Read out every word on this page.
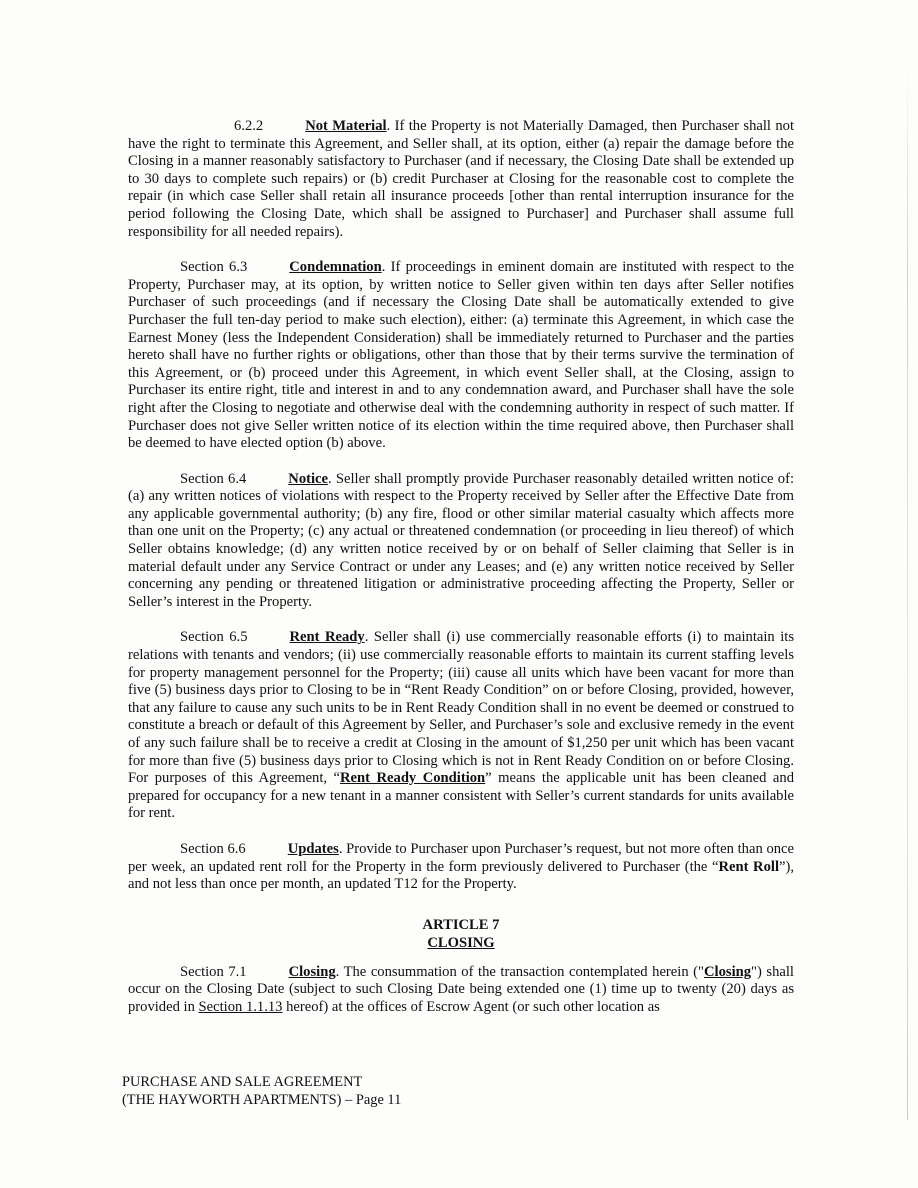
6.2.2	Not Material. If the Property is not Materially Damaged, then Purchaser shall not have the right to terminate this Agreement, and Seller shall, at its option, either (a) repair the damage before the Closing in a manner reasonably satisfactory to Purchaser (and if necessary, the Closing Date shall be extended up to 30 days to complete such repairs) or (b) credit Purchaser at Closing for the reasonable cost to complete the repair (in which case Seller shall retain all insurance proceeds [other than rental interruption insurance for the period following the Closing Date, which shall be assigned to Purchaser] and Purchaser shall assume full responsibility for all needed repairs).

Section 6.3	Condemnation. If proceedings in eminent domain are instituted with respect to the Property, Purchaser may, at its option, by written notice to Seller given within ten days after Seller notifies Purchaser of such proceedings (and if necessary the Closing Date shall be automatically extended to give Purchaser the full ten-day period to make such election), either: (a) terminate this Agreement, in which case the Earnest Money (less the Independent Consideration) shall be immediately returned to Purchaser and the parties hereto shall have no further rights or obligations, other than those that by their terms survive the termination of this Agreement, or (b) proceed under this Agreement, in which event Seller shall, at the Closing, assign to Purchaser its entire right, title and interest in and to any condemnation award, and Purchaser shall have the sole right after the Closing to negotiate and otherwise deal with the condemning authority in respect of such matter. If Purchaser does not give Seller written notice of its election within the time required above, then Purchaser shall be deemed to have elected option (b) above.

Section 6.4	Notice. Seller shall promptly provide Purchaser reasonably detailed written notice of: (a) any written notices of violations with respect to the Property received by Seller after the Effective Date from any applicable governmental authority; (b) any fire, flood or other similar material casualty which affects more than one unit on the Property; (c) any actual or threatened condemnation (or proceeding in lieu thereof) of which Seller obtains knowledge; (d) any written notice received by or on behalf of Seller claiming that Seller is in material default under any Service Contract or under any Leases; and (e) any written notice received by Seller concerning any pending or threatened litigation or administrative proceeding affecting the Property, Seller or Seller’s interest in the Property.

Section 6.5	Rent Ready. Seller shall (i) use commercially reasonable efforts (i) to maintain its relations with tenants and vendors; (ii) use commercially reasonable efforts to maintain its current staffing levels for property management personnel for the Property; (iii) cause all units which have been vacant for more than five (5) business days prior to Closing to be in “Rent Ready Condition” on or before Closing, provided, however, that any failure to cause any such units to be in Rent Ready Condition shall in no event be deemed or construed to constitute a breach or default of this Agreement by Seller, and Purchaser’s sole and exclusive remedy in the event of any such failure shall be to receive a credit at Closing in the amount of $1,250 per unit which has been vacant for more than five (5) business days prior to Closing which is not in Rent Ready Condition on or before Closing. For purposes of this Agreement, “Rent Ready Condition” means the applicable unit has been cleaned and prepared for occupancy for a new tenant in a manner consistent with Seller’s current standards for units available for rent.

Section 6.6	Updates. Provide to Purchaser upon Purchaser’s request, but not more often than once per week, an updated rent roll for the Property in the form previously delivered to Purchaser (the “Rent Roll”), and not less than once per month, an updated T12 for the Property.

ARTICLE 7
CLOSING

Section 7.1	Closing. The consummation of the transaction contemplated herein ("Closing") shall occur on the Closing Date (subject to such Closing Date being extended one (1) time up to twenty (20) days as provided in Section 1.1.13 hereof) at the offices of Escrow Agent (or such other location as

PURCHASE AND SALE AGREEMENT
(THE HAYWORTH APARTMENTS) – Page 11
